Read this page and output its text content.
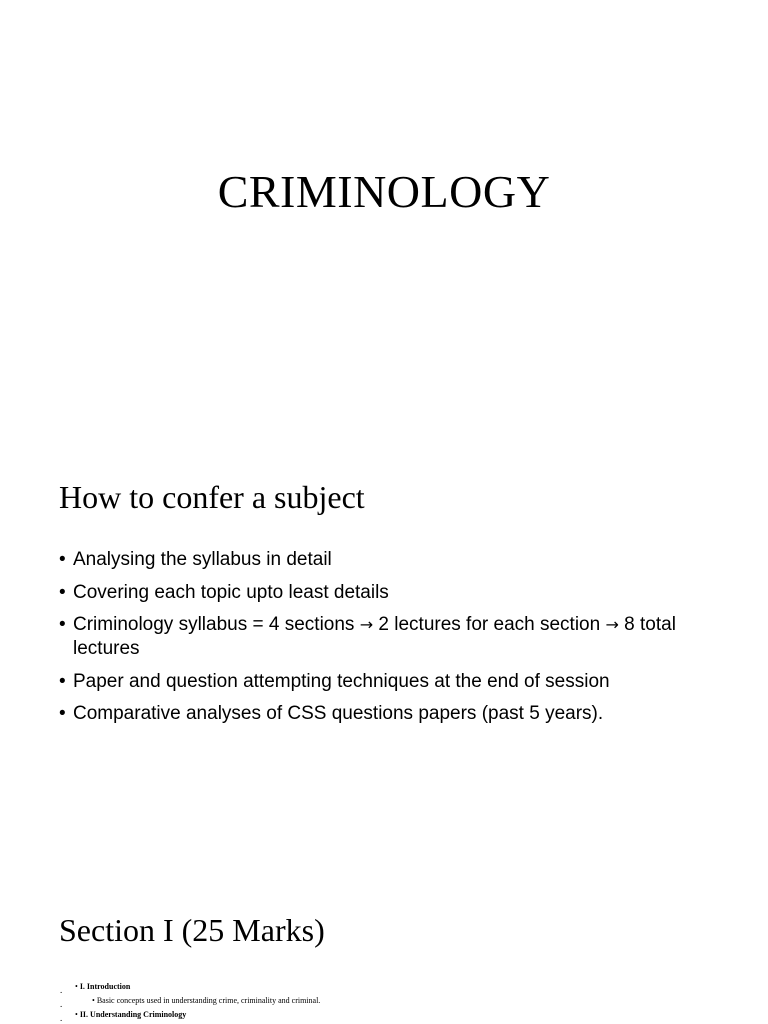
CRIMINOLOGY
How to confer a subject
• Analysing the syllabus in detail
• Covering each topic upto least details
• Criminology syllabus = 4 sections → 2 lectures for each section → 8 total lectures
• Paper and question attempting techniques at the end of session
• Comparative analyses of CSS questions papers (past 5 years).
Section I (25 Marks)
.
.
.
• I. Introduction
• Basic concepts used in understanding crime, criminality and criminal.
• II. Understanding Criminology
